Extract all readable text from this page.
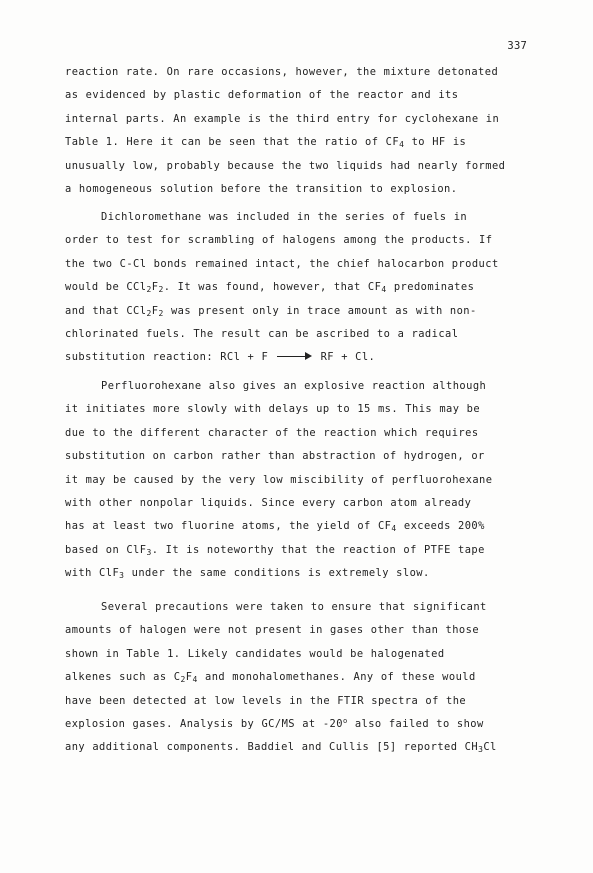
337
reaction rate. On rare occasions, however, the mixture detonated
as evidenced by plastic deformation of the reactor and its
internal parts. An example is the third entry for cyclohexane in
Table 1. Here it can be seen that the ratio of $CF_4$ to HF is
unusually low, probably because the two liquids had nearly formed
a homogeneous solution before the transition to explosion.
Dichloromethane was included in the series of fuels in
order to test for scrambling of halogens among the products. If
the two C-Cl bonds remained intact, the chief halocarbon product
would be $CCl_2F_2$. It was found, however, that $CF_4$ predominates
and that $CCl_2F_2$ was present only in trace amount as with non-
chlorinated fuels. The result can be ascribed to a radical
substitution reaction: RCl + F	RF + Cl.
Perfluorohexane also gives an explosive reaction although
it initiates more slowly with delays up to 15 ms. This may be
due to the different character of the reaction which requires
substitution on carbon rather than abstraction of hydrogen, or
it may be caused by the very low miscibility of perfluorohexane
with other nonpolar liquids. Since every carbon atom already
has at least two fluorine atoms, the yield of $CF_4$ exceeds 200%
based on ClF$_3$. It is noteworthy that the reaction of PTFE tape
with ClF$_3$ under the same conditions is extremely slow.
Several precautions were taken to ensure that significant
amounts of halogen were not present in gases other than those
shown in Table 1. Likely candidates would be halogenated
alkenes such as $C_2F_4$ and monohalomethanes. Any of these would
have been detected at low levels in the FTIR spectra of the
explosion gases. Analysis by GC/MS at -20$^o$ also failed to show
any additional components. Baddiel and Cullis [5] reported $CH_3Cl$
